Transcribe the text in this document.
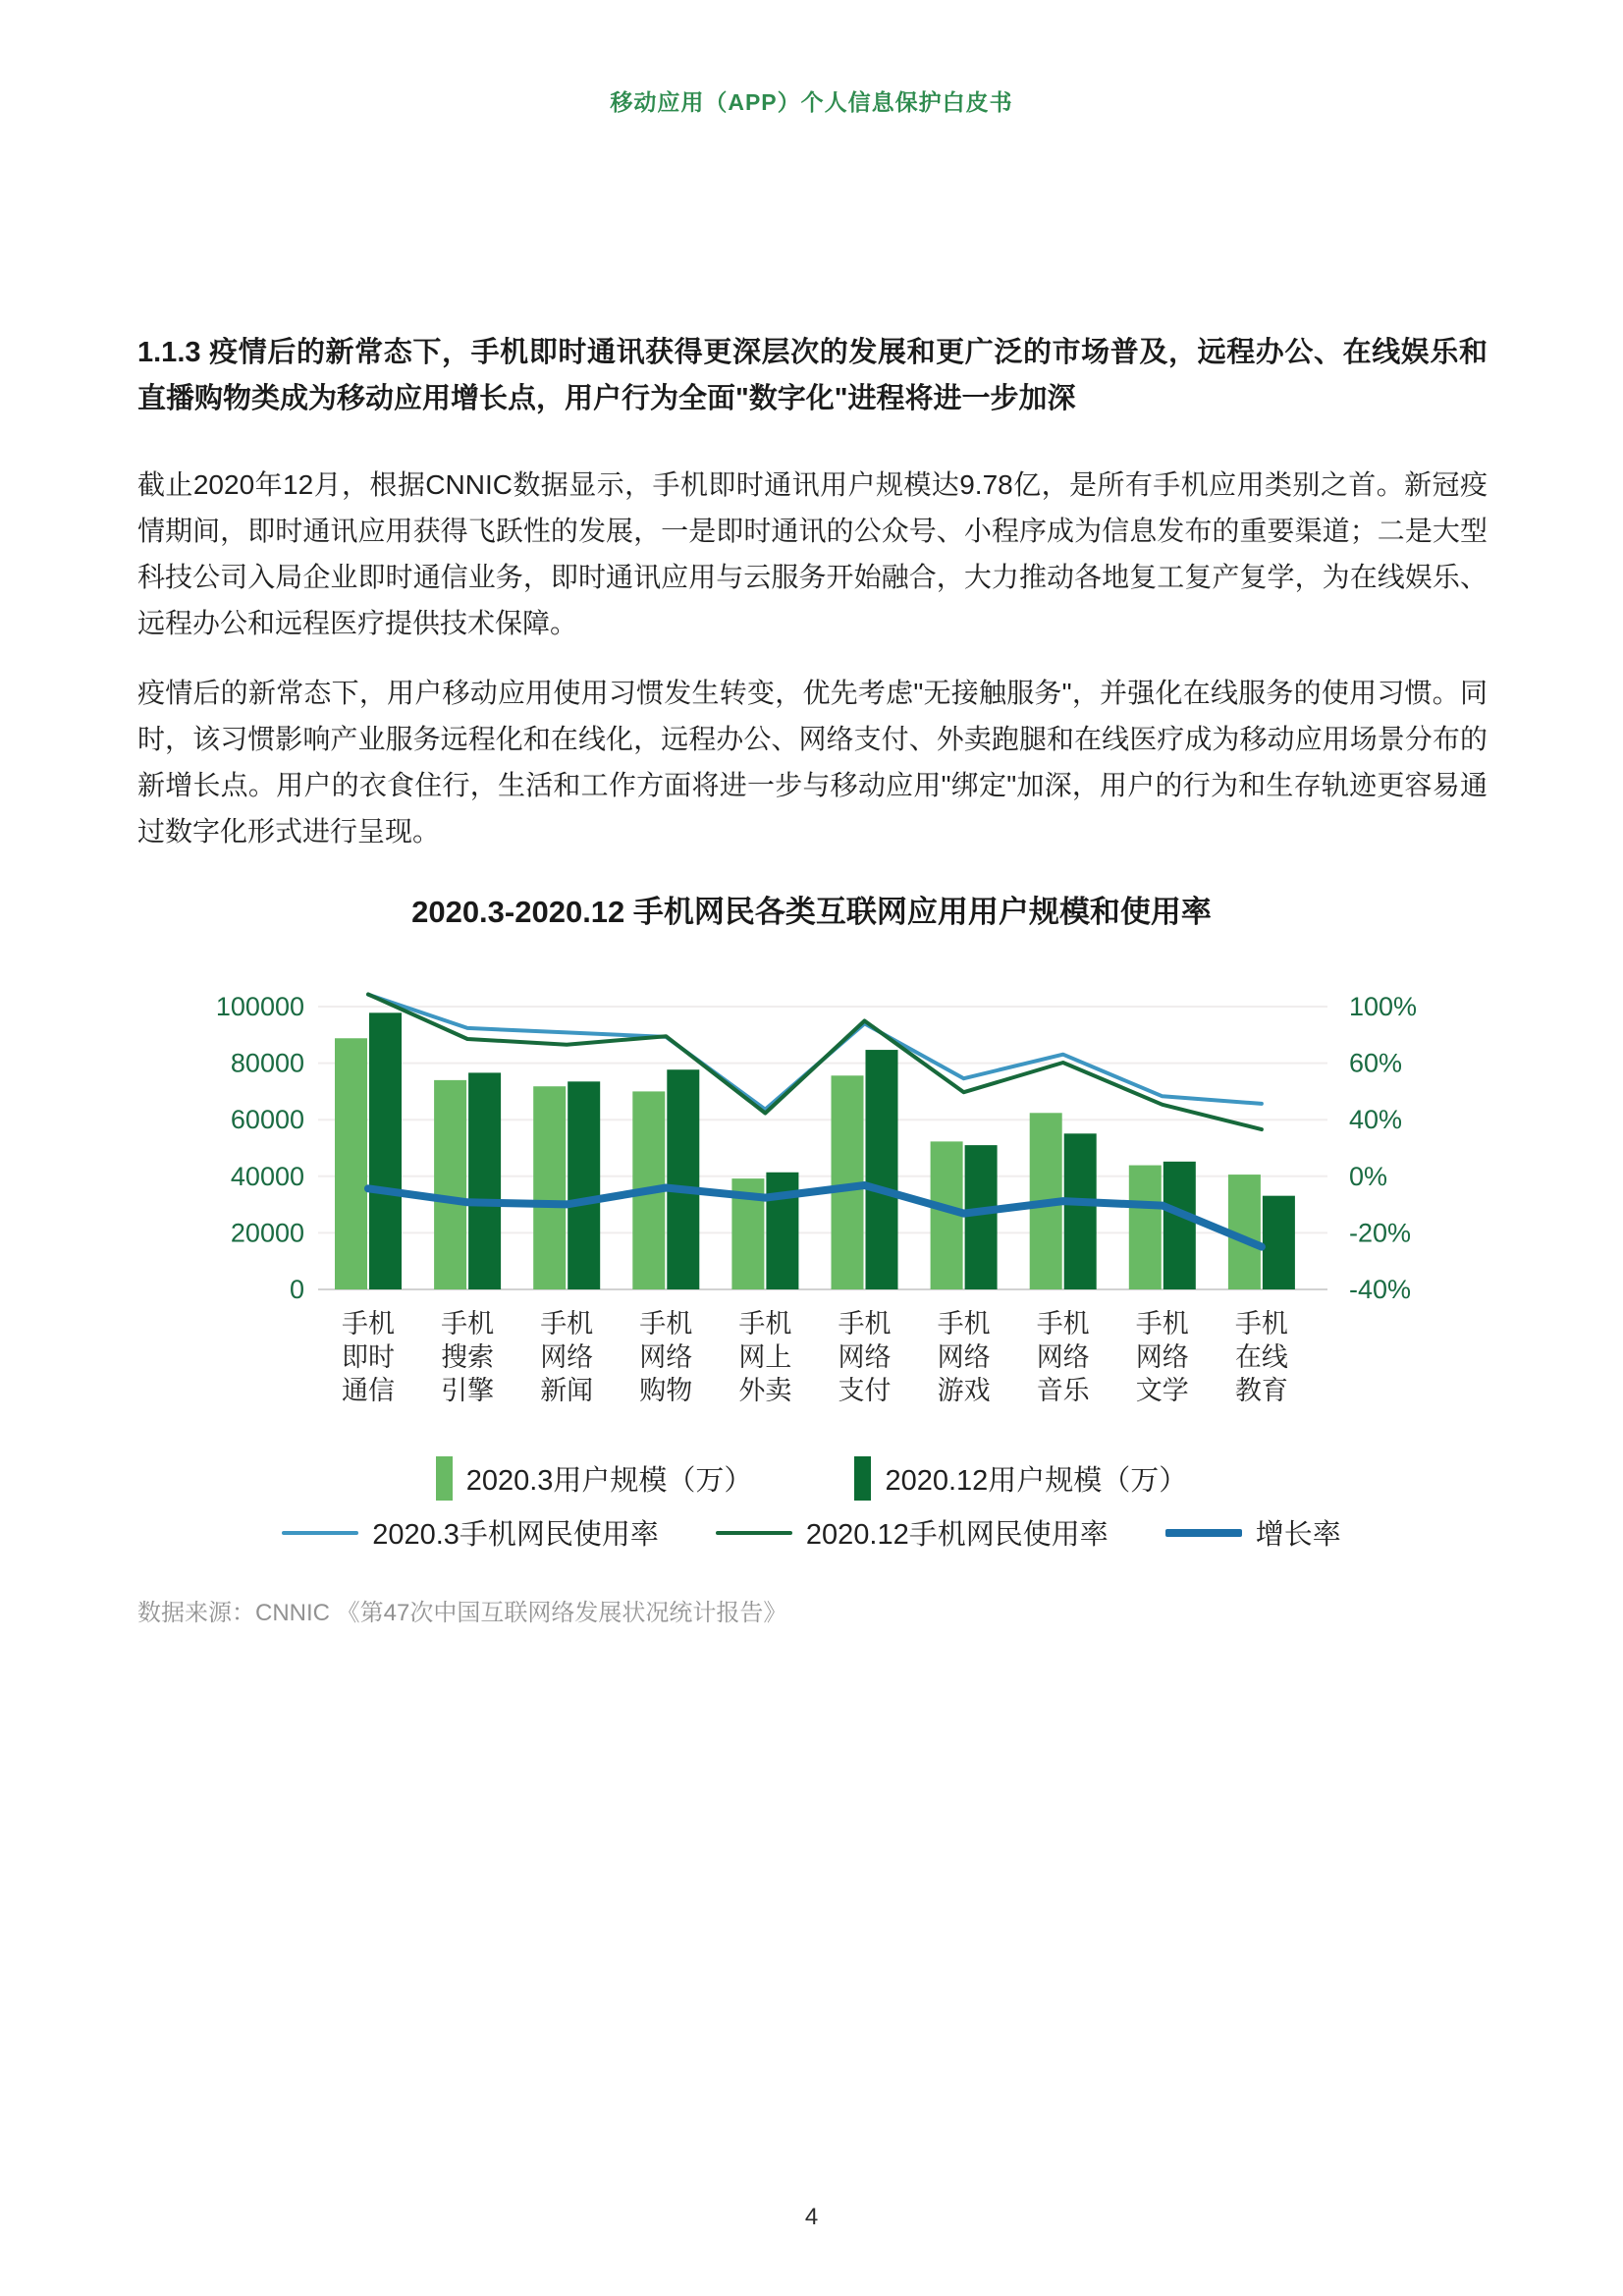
移动应用（APP）个人信息保护白皮书
1.1.3 疫情后的新常态下，手机即时通讯获得更深层次的发展和更广泛的市场普及，远程办公、在线娱乐和直播购物类成为移动应用增长点，用户行为全面"数字化"进程将进一步加深

截止2020年12月，根据CNNIC数据显示，手机即时通讯用户规模达9.78亿，是所有手机应用类别之首。新冠疫情期间，即时通讯应用获得飞跃性的发展，一是即时通讯的公众号、小程序成为信息发布的重要渠道；二是大型科技公司入局企业即时通信业务，即时通讯应用与云服务开始融合，大力推动各地复工复产复学，为在线娱乐、远程办公和远程医疗提供技术保障。

疫情后的新常态下，用户移动应用使用习惯发生转变，优先考虑"无接触服务"，并强化在线服务的使用习惯。同时，该习惯影响产业服务远程化和在线化，远程办公、网络支付、外卖跑腿和在线医疗成为移动应用场景分布的新增长点。用户的衣食住行，生活和工作方面将进一步与移动应用"绑定"加深，用户的行为和生存轨迹更容易通过数字化形式进行呈现。

2020.3-2020.12 手机网民各类互联网应用用户规模和使用率
0	-40%
20000	-20%
40000	0%
60000	40%
80000	60%
100000	100%
手机即时通信
手机搜索引擎
手机网络新闻
手机网络购物
手机网上外卖
手机网络支付
手机网络游戏
手机网络音乐
手机网络文学
手机在线教育
2020.3用户规模（万）	2020.12用户规模（万）
2020.3手机网民使用率	2020.12手机网民使用率	增长率
数据来源：CNNIC 《第47次中国互联网络发展状况统计报告》
4
